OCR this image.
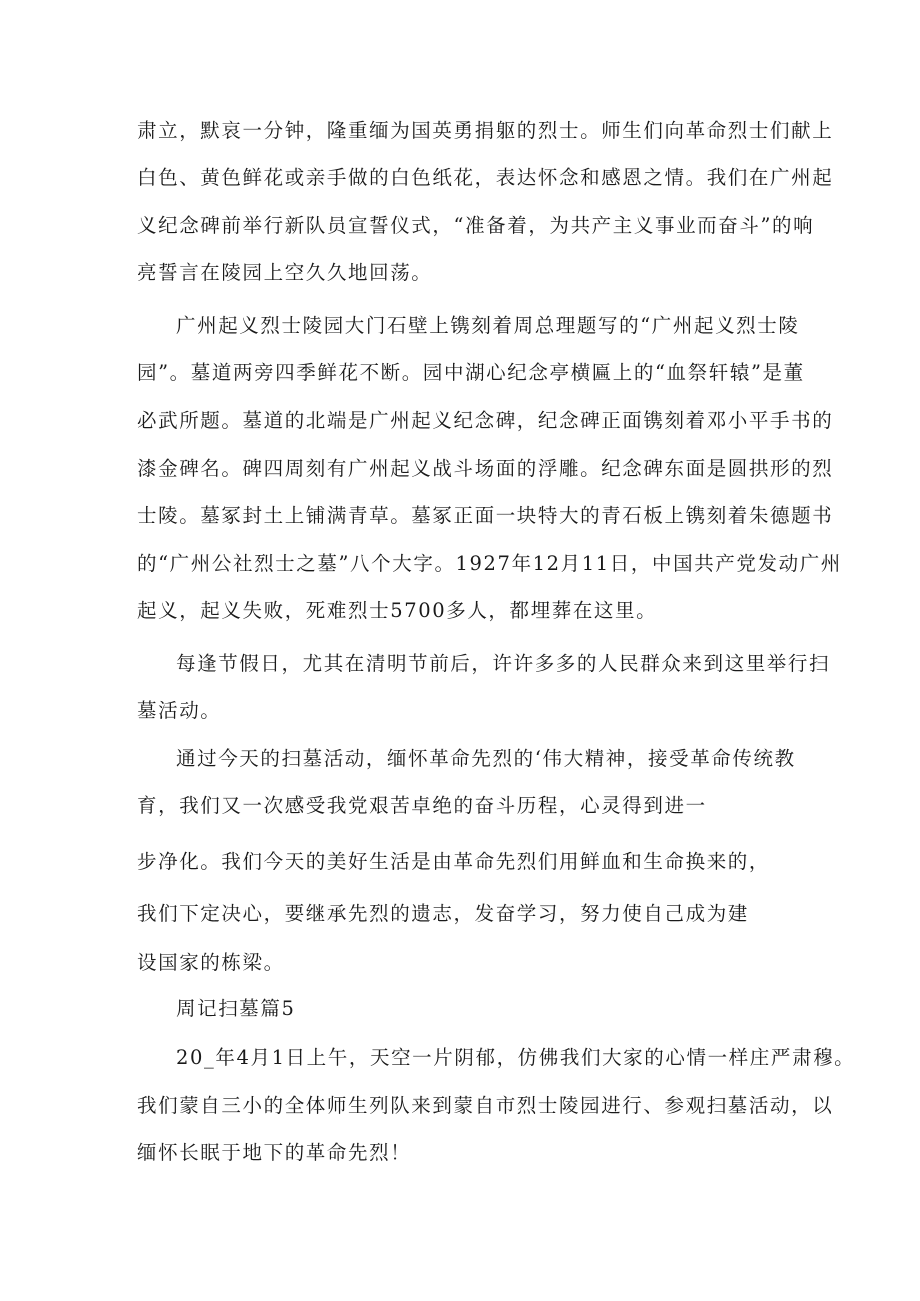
肃立，默哀一分钟，隆重缅为国英勇捐躯的烈士。师生们向革命烈士们献上
白色、黄色鲜花或亲手做的白色纸花，表达怀念和感恩之情。我们在广州起
义纪念碑前举行新队员宣誓仪式，“准备着，为共产主义事业而奋斗”的响
亮誓言在陵园上空久久地回荡。
广州起义烈士陵园大门石壁上镌刻着周总理题写的“广州起义烈士陵
园”。墓道两旁四季鲜花不断。园中湖心纪念亭横匾上的“血祭轩辕”是董
必武所题。墓道的北端是广州起义纪念碑，纪念碑正面镌刻着邓小平手书的
漆金碑名。碑四周刻有广州起义战斗场面的浮雕。纪念碑东面是圆拱形的烈
士陵。墓冢封土上铺满青草。墓冢正面一块特大的青石板上镌刻着朱德题书
的“广州公社烈士之墓”八个大字。1927年12月11日，中国共产党发动广州
起义，起义失败，死难烈士5700多人，都埋葬在这里。
每逢节假日，尤其在清明节前后，许许多多的人民群众来到这里举行扫
墓活动。
通过今天的扫墓活动，缅怀革命先烈的‘伟大精神，接受革命传统教
育，我们又一次感受我党艰苦卓绝的奋斗历程，心灵得到进一
步净化。我们今天的美好生活是由革命先烈们用鲜血和生命换来的，
我们下定决心，要继承先烈的遗志，发奋学习，努力使自己成为建
设国家的栋梁。
周记扫墓篇5
20_年4月1日上午，天空一片阴郁，仿佛我们大家的心情一样庄严肃穆。
我们蒙自三小的全体师生列队来到蒙自市烈士陵园进行、参观扫墓活动，以
缅怀长眠于地下的革命先烈！
